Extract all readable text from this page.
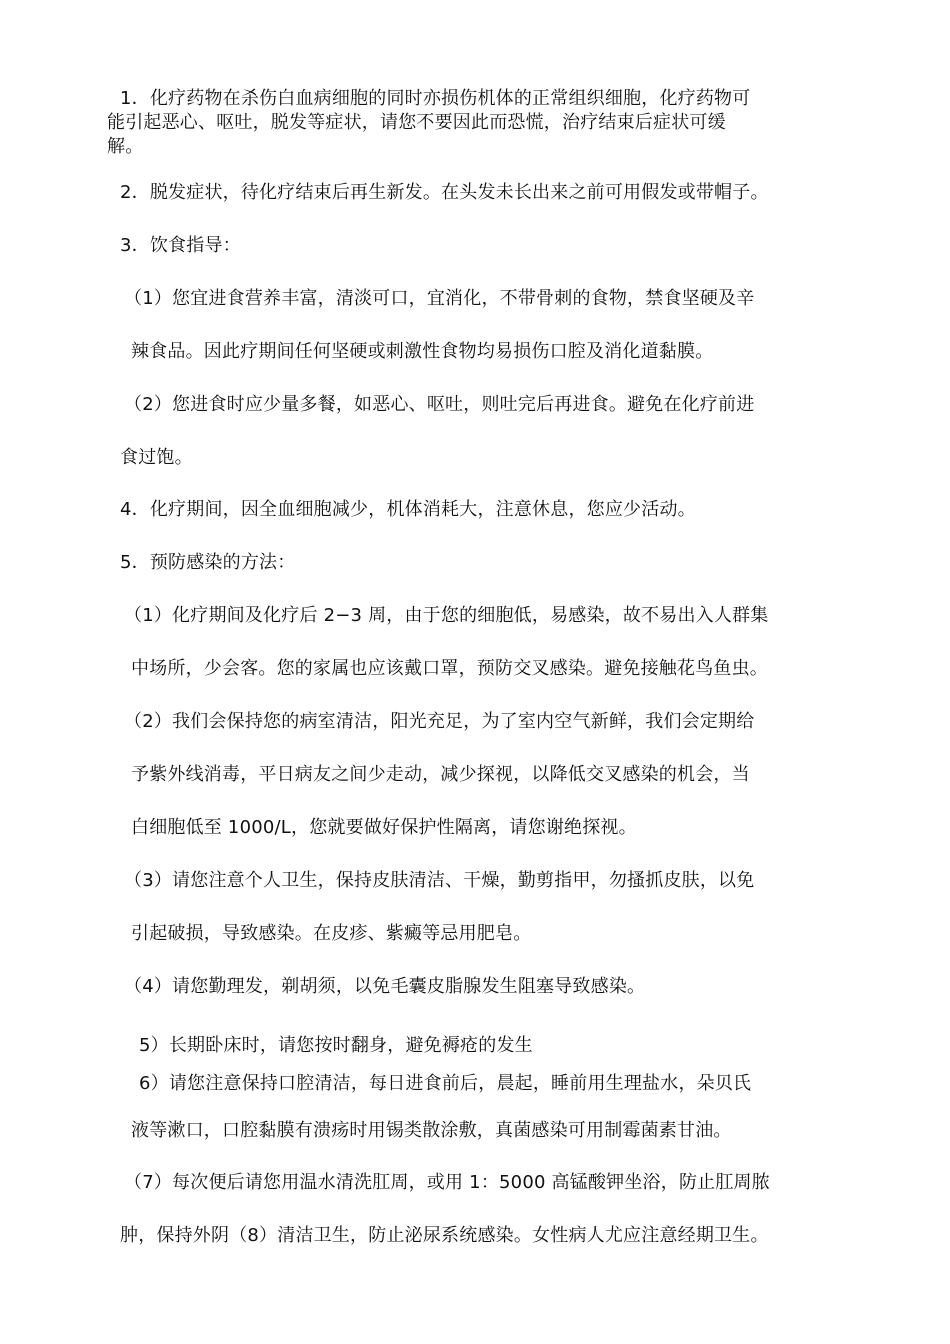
1．化疗药物在杀伤白血病细胞的同时亦损伤机体的正常组织细胞，化疗药物可
能引起恶心、呕吐，脱发等症状，请您不要因此而恐慌，治疗结束后症状可缓
解。
2．脱发症状，待化疗结束后再生新发。在头发未长出来之前可用假发或带帽子。
3．饮食指导：
（1）您宜进食营养丰富，清淡可口，宜消化，不带骨刺的食物，禁食坚硬及辛
辣食品。因此疗期间任何坚硬或刺激性食物均易损伤口腔及消化道黏膜。
（2）您进食时应少量多餐，如恶心、呕吐，则吐完后再进食。避免在化疗前进
食过饱。
4．化疗期间，因全血细胞减少，机体消耗大，注意休息，您应少活动。
5．预防感染的方法：
（1）化疗期间及化疗后 2−3 周，由于您的细胞低，易感染，故不易出入人群集
中场所，少会客。您的家属也应该戴口罩，预防交叉感染。避免接触花鸟鱼虫。
（2）我们会保持您的病室清洁，阳光充足，为了室内空气新鲜，我们会定期给
予紫外线消毒，平日病友之间少走动，减少探视，以降低交叉感染的机会，当
白细胞低至 1000/L，您就要做好保护性隔离，请您谢绝探视。
（3）请您注意个人卫生，保持皮肤清洁、干燥，勤剪指甲，勿搔抓皮肤，以免
引起破损，导致感染。在皮疹、紫癜等忌用肥皂。
（4）请您勤理发，剃胡须，以免毛囊皮脂腺发生阻塞导致感染。
5）长期卧床时，请您按时翻身，避免褥疮的发生
6）请您注意保持口腔清洁，每日进食前后，晨起，睡前用生理盐水，朵贝氏
液等漱口，口腔黏膜有溃疡时用锡类散涂敷，真菌感染可用制霉菌素甘油。
（7）每次便后请您用温水清洗肛周，或用 1：5000 高锰酸钾坐浴，防止肛周脓
肿，保持外阴（8）清洁卫生，防止泌尿系统感染。女性病人尤应注意经期卫生。
